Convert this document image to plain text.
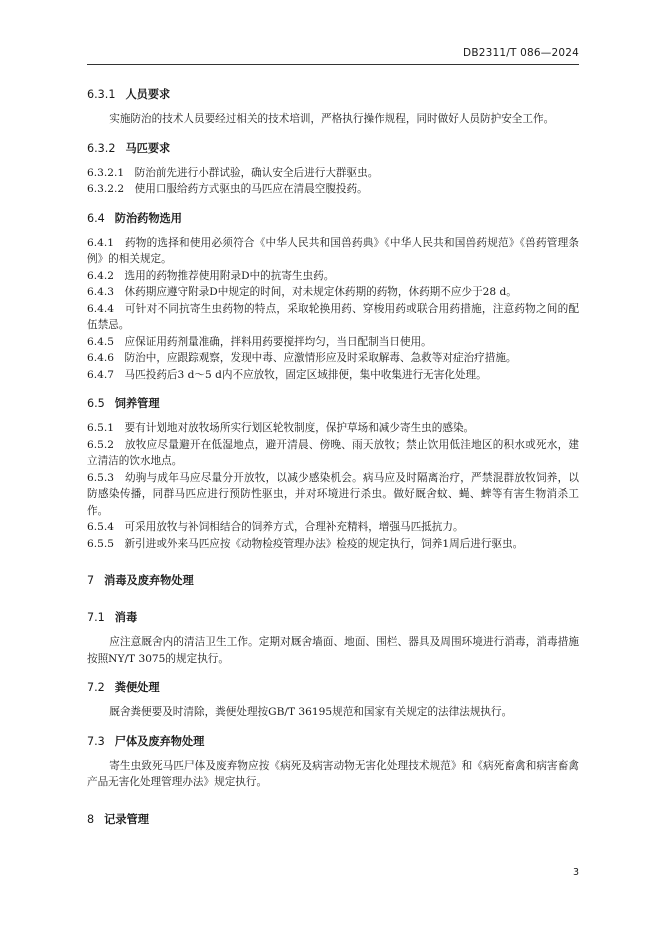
DB2311/T 086—2024
6.3.1 人员要求
实施防治的技术人员要经过相关的技术培训，严格执行操作规程，同时做好人员防护安全工作。
6.3.2 马匹要求
6.3.2.1　防治前先进行小群试验，确认安全后进行大群驱虫。
6.3.2.2　使用口服给药方式驱虫的马匹应在清晨空腹投药。
6.4 防治药物选用
6.4.1　药物的选择和使用必须符合《中华人民共和国兽药典》《中华人民共和国兽药规范》《兽药管理条例》的相关规定。
6.4.2　选用的药物推荐使用附录D中的抗寄生虫药。
6.4.3　休药期应遵守附录D中规定的时间，对未规定休药期的药物，休药期不应少于28 d。
6.4.4　可针对不同抗寄生虫药物的特点，采取轮换用药、穿梭用药或联合用药措施，注意药物之间的配伍禁忌。
6.4.5　应保证用药剂量准确，拌料用药要搅拌均匀，当日配制当日使用。
6.4.6　防治中，应跟踪观察，发现中毒、应激情形应及时采取解毒、急救等对症治疗措施。
6.4.7　马匹投药后3 d～5 d内不应放牧，固定区域排便，集中收集进行无害化处理。
6.5 饲养管理
6.5.1　要有计划地对放牧场所实行划区轮牧制度，保护草场和减少寄生虫的感染。
6.5.2　放牧应尽量避开在低湿地点，避开清晨、傍晚、雨天放牧；禁止饮用低洼地区的积水或死水，建立清洁的饮水地点。
6.5.3　幼驹与成年马应尽量分开放牧，以减少感染机会。病马应及时隔离治疗，严禁混群放牧饲养，以防感染传播，同群马匹应进行预防性驱虫，并对环境进行杀虫。做好厩舍蚊、蝇、蜱等有害生物消杀工作。
6.5.4　可采用放牧与补饲相结合的饲养方式，合理补充精料，增强马匹抵抗力。
6.5.5　新引进或外来马匹应按《动物检疫管理办法》检疫的规定执行，饲养1周后进行驱虫。
7 消毒及废弃物处理
7.1 消毒
应注意厩舍内的清洁卫生工作。定期对厩舍墙面、地面、围栏、器具及周围环境进行消毒，消毒措施按照NY/T 3075的规定执行。
7.2 粪便处理
厩舍粪便要及时清除，粪便处理按GB/T 36195规范和国家有关规定的法律法规执行。
7.3 尸体及废弃物处理
寄生虫致死马匹尸体及废弃物应按《病死及病害动物无害化处理技术规范》和《病死畜禽和病害畜禽产品无害化处理管理办法》规定执行。
8 记录管理
3
